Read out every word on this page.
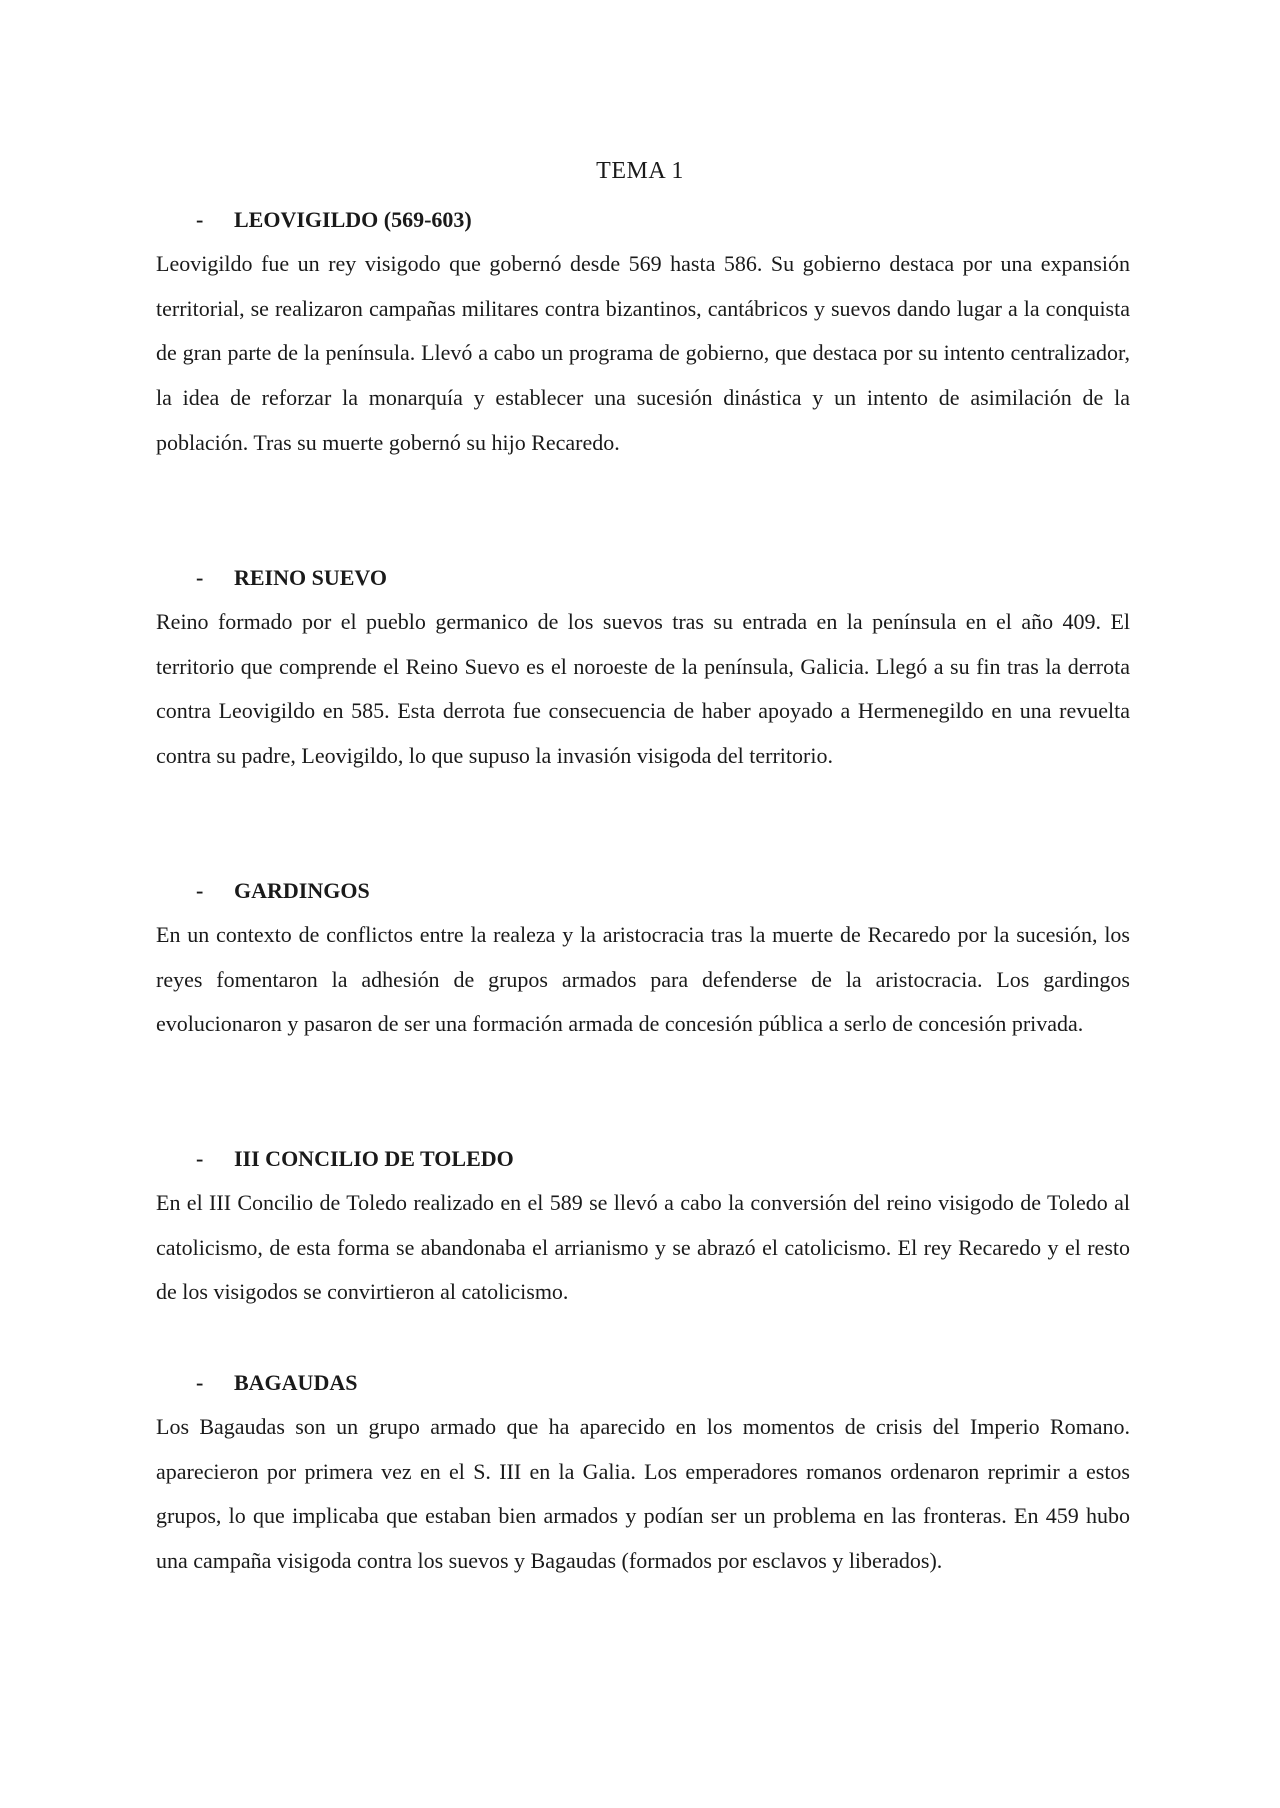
TEMA 1
-	LEOVIGILDO (569-603)

Leovigildo fue un rey visigodo que gobernó desde 569 hasta 586. Su gobierno destaca por una expansión territorial, se realizaron campañas militares contra bizantinos, cantábricos y suevos dando lugar a la conquista de gran parte de la península. Llevó a cabo un programa de gobierno, que destaca por su intento centralizador, la idea de reforzar la monarquía y establecer una sucesión dinástica y un intento de asimilación de la población. Tras su muerte gobernó su hijo Recaredo.

-	REINO SUEVO

Reino formado por el pueblo germanico de los suevos tras su entrada en la península en el año 409. El territorio que comprende el Reino Suevo es el noroeste de la península, Galicia. Llegó a su fin tras la derrota contra Leovigildo en 585. Esta derrota fue consecuencia de haber apoyado a Hermenegildo en una revuelta contra su padre, Leovigildo, lo que supuso la invasión visigoda del territorio.

-	GARDINGOS

En un contexto de conflictos entre la realeza y la aristocracia tras la muerte de Recaredo por la sucesión, los reyes fomentaron la adhesión de grupos armados para defenderse de la aristocracia. Los gardingos evolucionaron y pasaron de ser una formación armada de concesión pública a serlo de concesión privada.

-	III CONCILIO DE TOLEDO

En el III Concilio de Toledo realizado en el 589 se llevó a cabo la conversión del reino visigodo de Toledo al catolicismo, de esta forma se abandonaba el arrianismo y se abrazó el catolicismo. El rey Recaredo y el resto de los visigodos se convirtieron al catolicismo.

-	BAGAUDAS

Los Bagaudas son un grupo armado que ha aparecido en los momentos de crisis del Imperio Romano. aparecieron por primera vez en el S. III en la Galia. Los emperadores romanos ordenaron reprimir a estos grupos, lo que implicaba que estaban bien armados y podían ser un problema en las fronteras. En 459 hubo una campaña visigoda contra los suevos y Bagaudas (formados por esclavos y liberados).
